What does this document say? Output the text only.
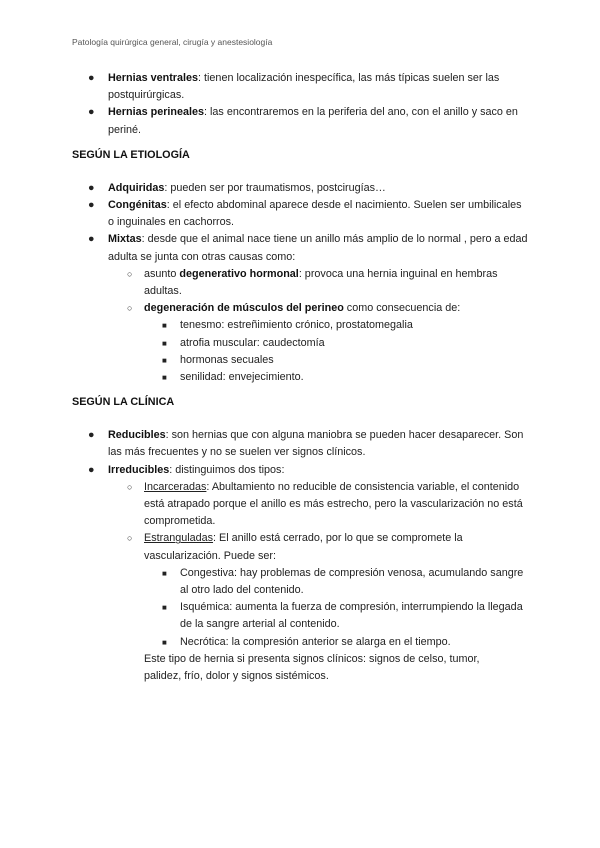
Patología quirúrgica general, cirugía y anestesiología
● Hernias ventrales: tienen localización inespecífica, las más típicas suelen ser las postquirúrgicas.

● Hernias perineales: las encontraremos en la periferia del ano, con el anillo y saco en periné.

SEGÚN LA ETIOLOGÍA
● Adquiridas: pueden ser por traumatismos, postcirugías…

● Congénitas: el efecto abdominal aparece desde el nacimiento. Suelen ser umbilicales o inguinales en cachorros.

● Mixtas: desde que el animal nace tiene un anillo más amplio de lo normal , pero a edad adulta se junta con otras causas como:

○ asunto degenerativo hormonal: provoca una hernia inguinal en hembras adultas.

○ degeneración de músculos del perineo como consecuencia de:

■ tenesmo: estreñimiento crónico, prostatomegalia

■ atrofia muscular: caudectomía

■ hormonas secuales

■ senilidad: envejecimiento.

SEGÚN LA CLÍNICA
● Reducibles: son hernias que con alguna maniobra se pueden hacer desaparecer. Son las más frecuentes y no se suelen ver signos clínicos.

● Irreducibles: distinguimos dos tipos:

○ Incarceradas: Abultamiento no reducible de consistencia variable, el contenido está atrapado porque el anillo es más estrecho, pero la vascularización no está comprometida.

○ Estranguladas: El anillo está cerrado, por lo que se compromete la vascularización. Puede ser:

■ Congestiva: hay problemas de compresión venosa, acumulando sangre al otro lado del contenido.

■ Isquémica: aumenta la fuerza de compresión, interrumpiendo la llegada de la sangre arterial al contenido.

■ Necrótica: la compresión anterior se alarga en el tiempo.

Este tipo de hernia si presenta signos clínicos: signos de celso, tumor, palidez, frío, dolor y signos sistémicos.
